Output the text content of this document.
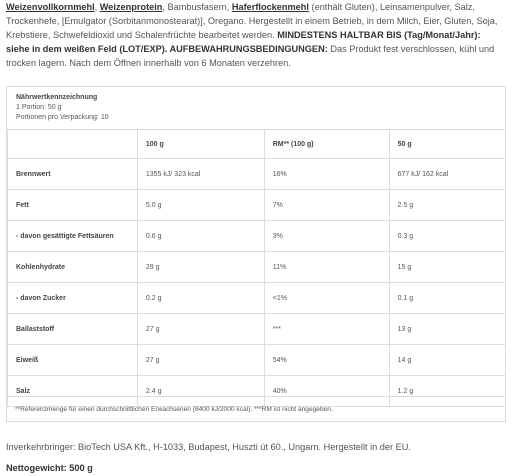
Weizenvollkornmehl, Weizenprotein, Bambusfasern, Haferflockenmehl (enthält Gluten), Leinsamenpulver, Salz, Trockenhefe, [Emulgator (Sorbitanmonostearat)], Oregano. Hergestellt in einem Betrieb, in dem Milch, Eier, Gluten, Soja, Krebstiere, Schwefeldioxid und Schalenfrüchte bearbeitet werden. MINDESTENS HALTBAR BIS (Tag/Monat/Jahr): siehe in dem weißen Feld (LOT/EXP). AUFBEWAHRUNGSBEDINGUNGEN: Das Produkt fest verschlossen, kühl und trocken lagern. Nach dem Öffnen innerhalb von 6 Monaten verzehren.
Nährwertkennzeichnung
1 Portion: 50 g
Portionen pro Verpackung: 10
	100 g	RM** (100 g)	50 g
Brennwert	1355 kJ/ 323 kcal	16%	677 kJ/ 162 kcal
Fett	5.0 g	7%	2.5 g
- davon gesättigte Fettsäuren	0.6 g	3%	0.3 g
Kohlenhydrate	29 g	11%	15 g
- davon Zucker	0.2 g	<1%	0.1 g
Ballaststoff	27 g	***	13 g
Eiweiß	27 g	54%	14 g
Salz	2.4 g	40%	1.2 g
**Referenzmenge für einen durchschnittlichen Erwachsenen (8400 kJ/2000 kcal). ***RM ist nicht angegeben.
Inverkehrbringer: BioTech USA Kft., H-1033, Budapest, Huszti út 60., Ungarn. Hergestellt in der EU.
Nettogewicht: 500 g
